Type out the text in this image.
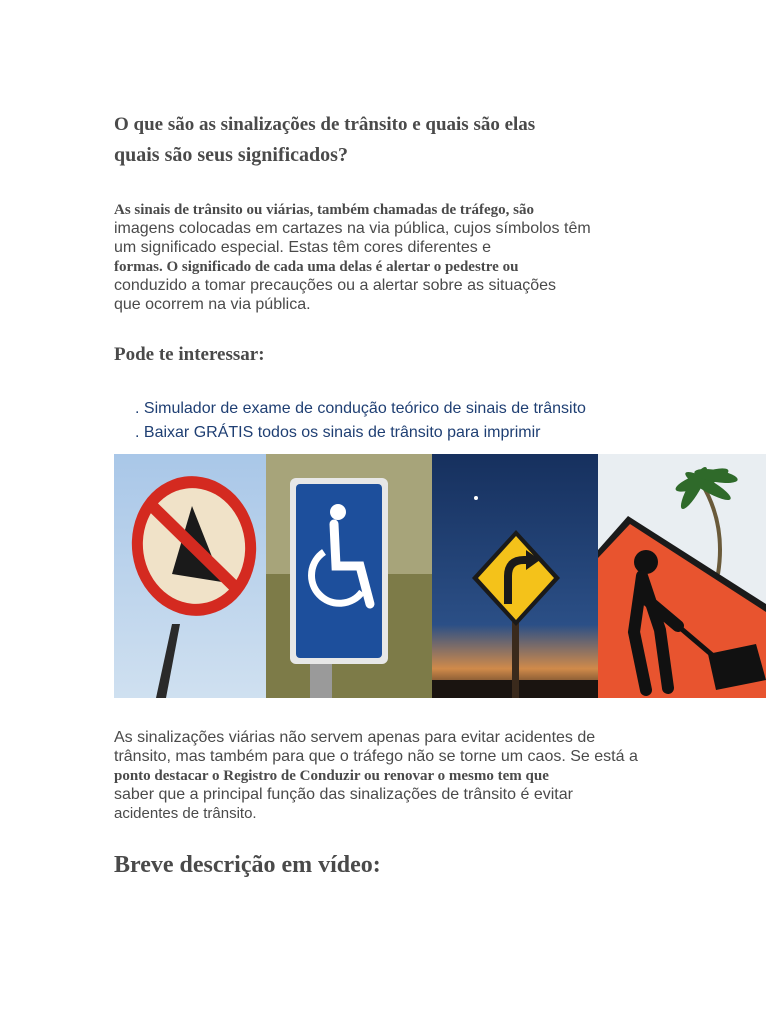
O que são as sinalizações de trânsito e quais são elas
quais são seus significados?
As sinais de trânsito ou viárias, também chamadas de tráfego, são
imagens colocadas em cartazes na via pública, cujos símbolos têm
um significado especial. Estas têm cores diferentes e
formas. O significado de cada uma delas é alertar o pedestre ou
conduzido a tomar precauções ou a alertar sobre as situações
que ocorrem na via pública.
Pode te interessar:
. Simulador de exame de condução teórico de sinais de trânsito
. Baixar GRÁTIS todos os sinais de trânsito para imprimir
As sinalizações viárias não servem apenas para evitar acidentes de
trânsito, mas também para que o tráfego não se torne um caos. Se está a
ponto destacar o Registro de Conduzir ou renovar o mesmo tem que
saber que a principal função das sinalizações de trânsito é evitar
acidentes de trânsito.
Breve descrição em vídeo:
